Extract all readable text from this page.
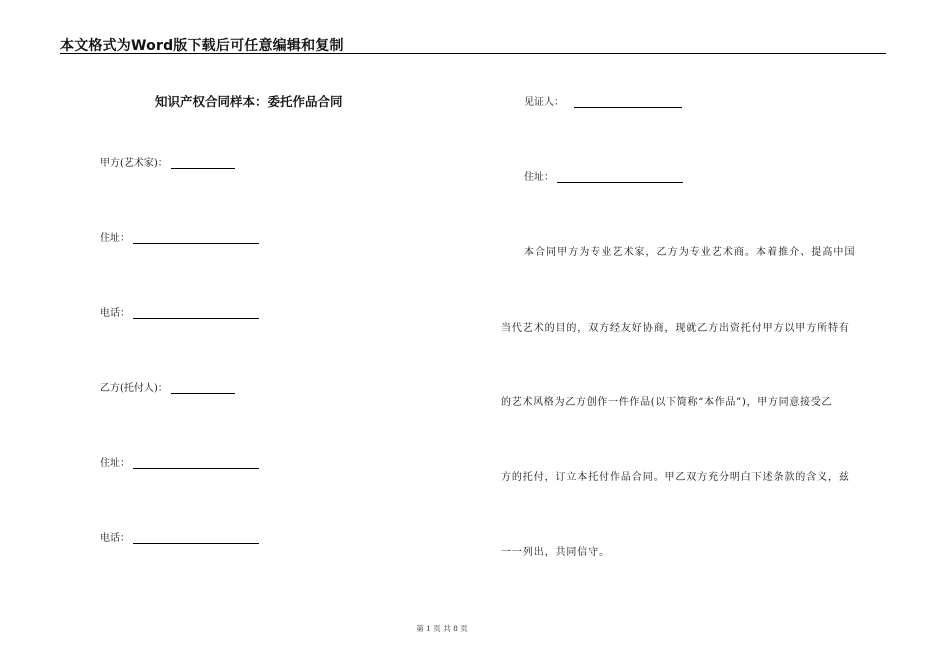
本文格式为Word版下载后可任意编辑和复制
知识产权合同样本：委托作品合同
甲方(艺术家)：
住址：
电话：
乙方(托付人)：
住址：
电话：
见证人：
住址：
本合同甲方为专业艺术家，乙方为专业艺术商。本着推介、提高中国
当代艺术的目的，双方经友好协商，现就乙方出资托付甲方以甲方所特有
的艺术风格为乙方创作一件作品(以下简称“本作品”)，甲方同意接受乙
方的托付，订立本托付作品合同。甲乙双方充分明白下述条款的含义，兹
一一列出，共同信守。
第 1 页 共 8 页
